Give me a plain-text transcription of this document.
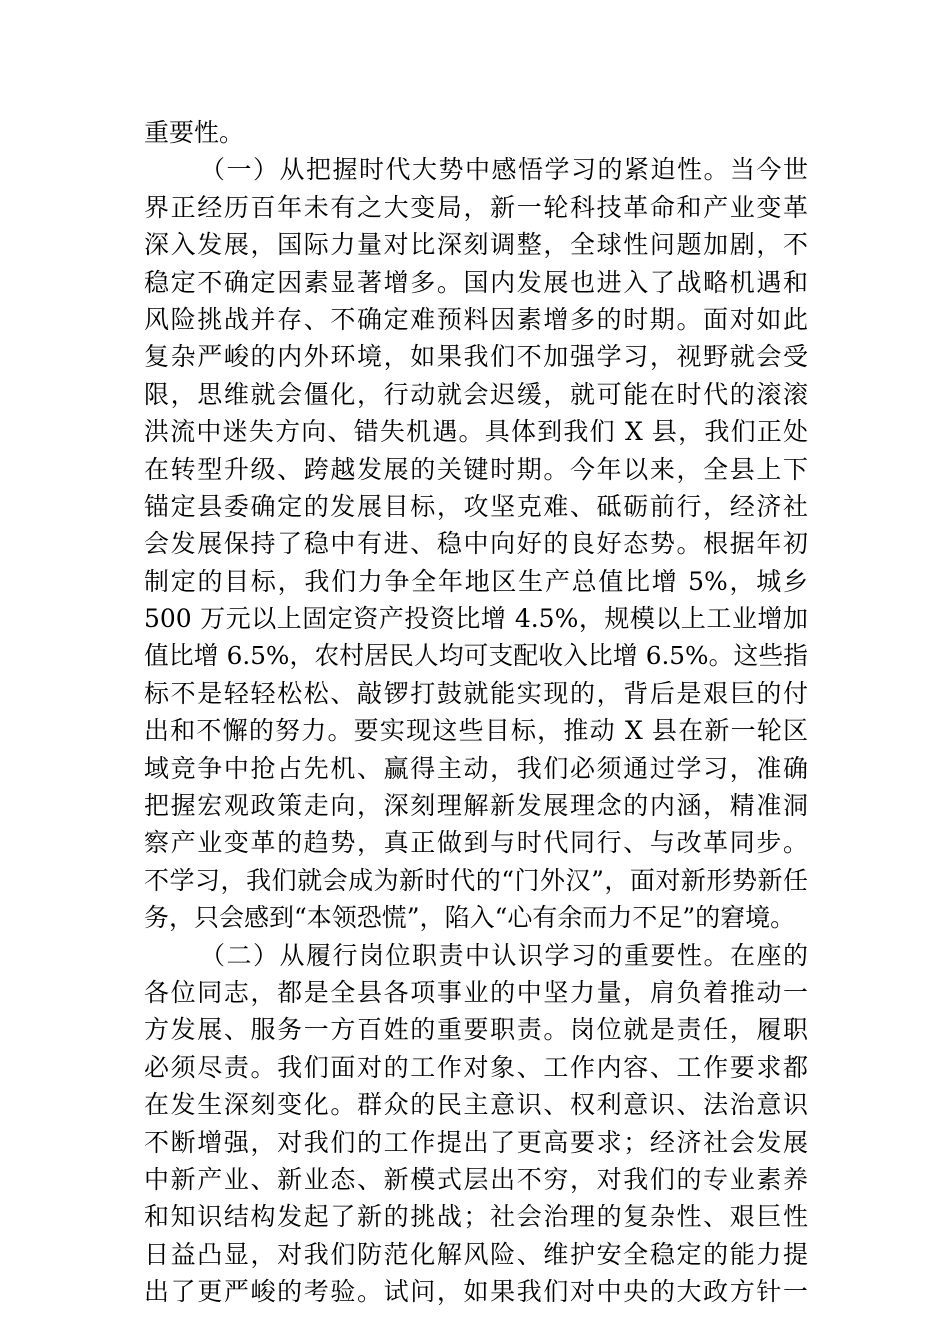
重要性。
（一）从把握时代大势中感悟学习的紧迫性。当今世
界正经历百年未有之大变局，新一轮科技革命和产业变革
深入发展，国际力量对比深刻调整，全球性问题加剧，不
稳定不确定因素显著增多。国内发展也进入了战略机遇和
风险挑战并存、不确定难预料因素增多的时期。面对如此
复杂严峻的内外环境，如果我们不加强学习，视野就会受
限，思维就会僵化，行动就会迟缓，就可能在时代的滚滚
洪流中迷失方向、错失机遇。具体到我们 X 县，我们正处
在转型升级、跨越发展的关键时期。今年以来，全县上下
锚定县委确定的发展目标，攻坚克难、砥砺前行，经济社
会发展保持了稳中有进、稳中向好的良好态势。根据年初
制定的目标，我们力争全年地区生产总值比增 5%，城乡
500 万元以上固定资产投资比增 4.5%，规模以上工业增加
值比增 6.5%，农村居民人均可支配收入比增 6.5%。这些指
标不是轻轻松松、敲锣打鼓就能实现的，背后是艰巨的付
出和不懈的努力。要实现这些目标，推动 X 县在新一轮区
域竞争中抢占先机、赢得主动，我们必须通过学习，准确
把握宏观政策走向，深刻理解新发展理念的内涵，精准洞
察产业变革的趋势，真正做到与时代同行、与改革同步。
不学习，我们就会成为新时代的“门外汉”，面对新形势新任
务，只会感到“本领恐慌”，陷入“心有余而力不足”的窘境。
（二）从履行岗位职责中认识学习的重要性。在座的
各位同志，都是全县各项事业的中坚力量，肩负着推动一
方发展、服务一方百姓的重要职责。岗位就是责任，履职
必须尽责。我们面对的工作对象、工作内容、工作要求都
在发生深刻变化。群众的民主意识、权利意识、法治意识
不断增强，对我们的工作提出了更高要求；经济社会发展
中新产业、新业态、新模式层出不穷，对我们的专业素养
和知识结构发起了新的挑战；社会治理的复杂性、艰巨性
日益凸显，对我们防范化解风险、维护安全稳定的能力提
出了更严峻的考验。试问，如果我们对中央的大政方针一
